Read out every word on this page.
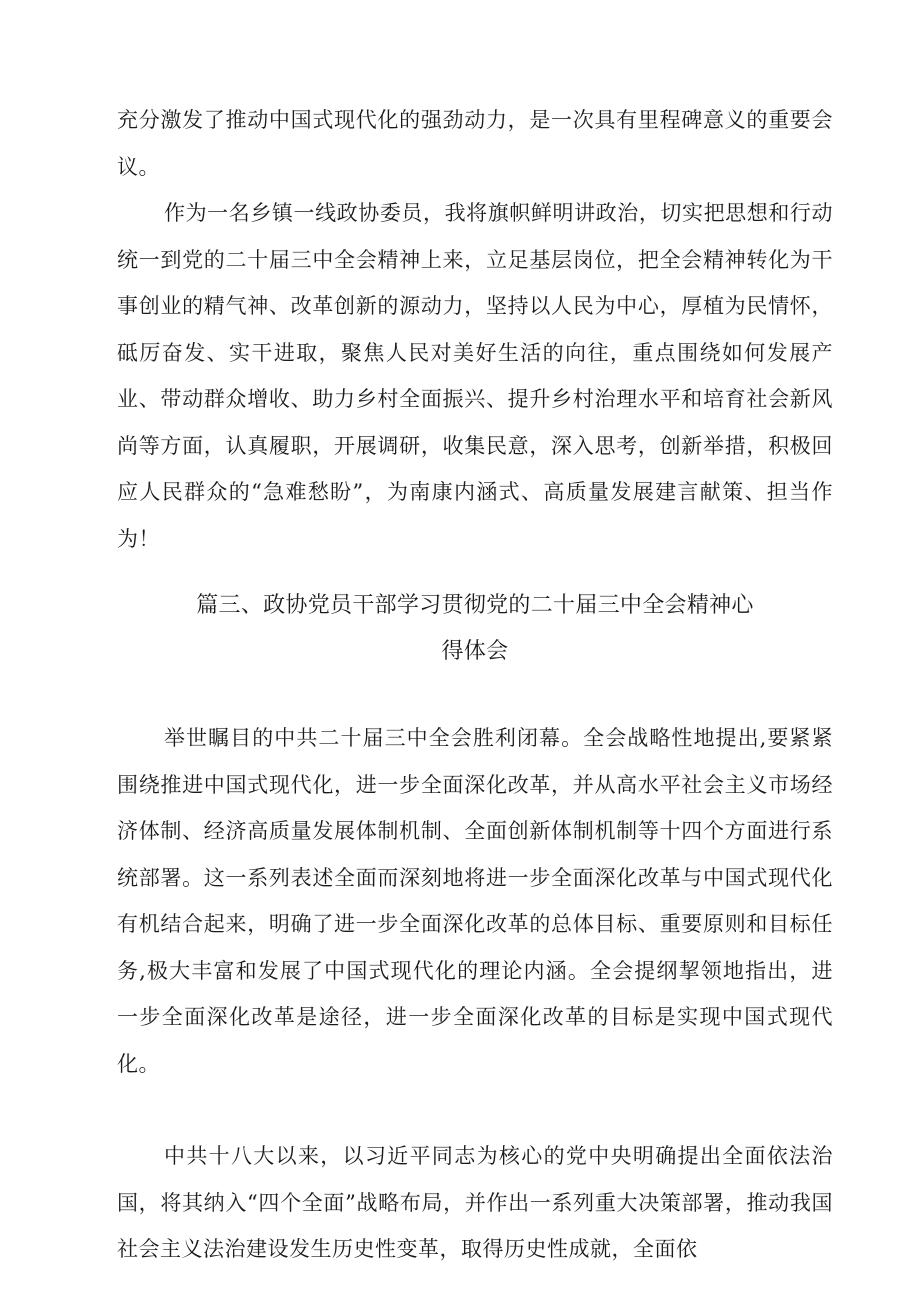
充分激发了推动中国式现代化的强劲动力，是一次具有里程碑意义的重要会议。

作为一名乡镇一线政协委员，我将旗帜鲜明讲政治，切实把思想和行动统一到党的二十届三中全会精神上来，立足基层岗位，把全会精神转化为干事创业的精气神、改革创新的源动力，坚持以人民为中心，厚植为民情怀，砥厉奋发、实干进取，聚焦人民对美好生活的向往，重点围绕如何发展产业、带动群众增收、助力乡村全面振兴、提升乡村治理水平和培育社会新风尚等方面，认真履职，开展调研，收集民意，深入思考，创新举措，积极回应人民群众的“急难愁盼”，为南康内涵式、高质量发展建言献策、担当作为！

篇三、政协党员干部学习贯彻党的二十届三中全会精神心
得体会

举世瞩目的中共二十届三中全会胜利闭幕。全会战略性地提出,要紧紧围绕推进中国式现代化，进一步全面深化改革，并从高水平社会主义市场经济体制、经济高质量发展体制机制、全面创新体制机制等十四个方面进行系统部署。这一系列表述全面而深刻地将进一步全面深化改革与中国式现代化有机结合起来，明确了进一步全面深化改革的总体目标、重要原则和目标任务,极大丰富和发展了中国式现代化的理论内涵。全会提纲挈领地指出，进一步全面深化改革是途径，进一步全面深化改革的目标是实现中国式现代化。

中共十八大以来，以习近平同志为核心的党中央明确提出全面依法治国，将其纳入“四个全面”战略布局，并作出一系列重大决策部署，推动我国社会主义法治建设发生历史性变革，取得历史性成就，全面依
